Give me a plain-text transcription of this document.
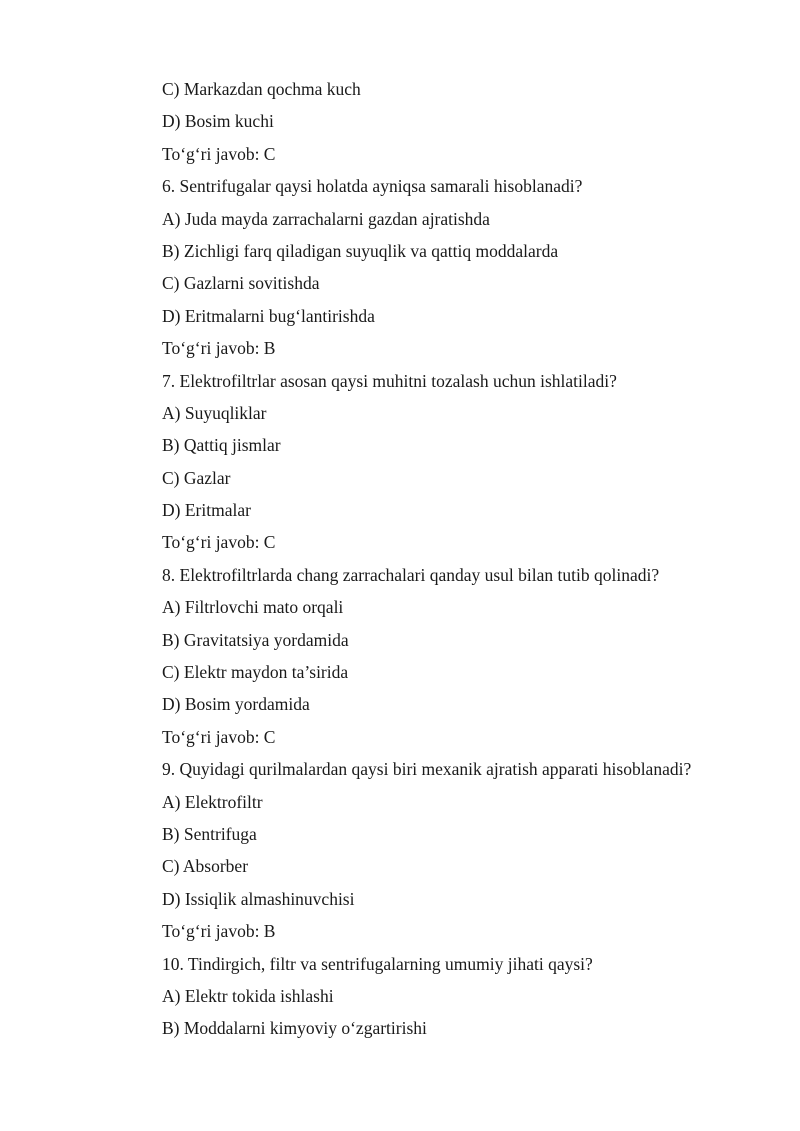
C) Markazdan qochma kuch
D) Bosim kuchi
To‘g‘ri javob: C
6. Sentrifugalar qaysi holatda ayniqsa samarali hisoblanadi?
A) Juda mayda zarrachalarni gazdan ajratishda
B) Zichligi farq qiladigan suyuqlik va qattiq moddalarda
C) Gazlarni sovitishda
D) Eritmalarni bug‘lantirishda
To‘g‘ri javob: B
7. Elektrofiltrlar asosan qaysi muhitni tozalash uchun ishlatiladi?
A) Suyuqliklar
B) Qattiq jismlar
C) Gazlar
D) Eritmalar
To‘g‘ri javob: C
8. Elektrofiltrlarda chang zarrachalari qanday usul bilan tutib qolinadi?
A) Filtrlovchi mato orqali
B) Gravitatsiya yordamida
C) Elektr maydon ta’sirida
D) Bosim yordamida
To‘g‘ri javob: C
9. Quyidagi qurilmalardan qaysi biri mexanik ajratish apparati hisoblanadi?
A) Elektrofiltr
B) Sentrifuga
C) Absorber
D) Issiqlik almashinuvchisi
To‘g‘ri javob: B
10. Tindirgich, filtr va sentrifugalarning umumiy jihati qaysi?
A) Elektr tokida ishlashi
B) Moddalarni kimyoviy o‘zgartirishi
